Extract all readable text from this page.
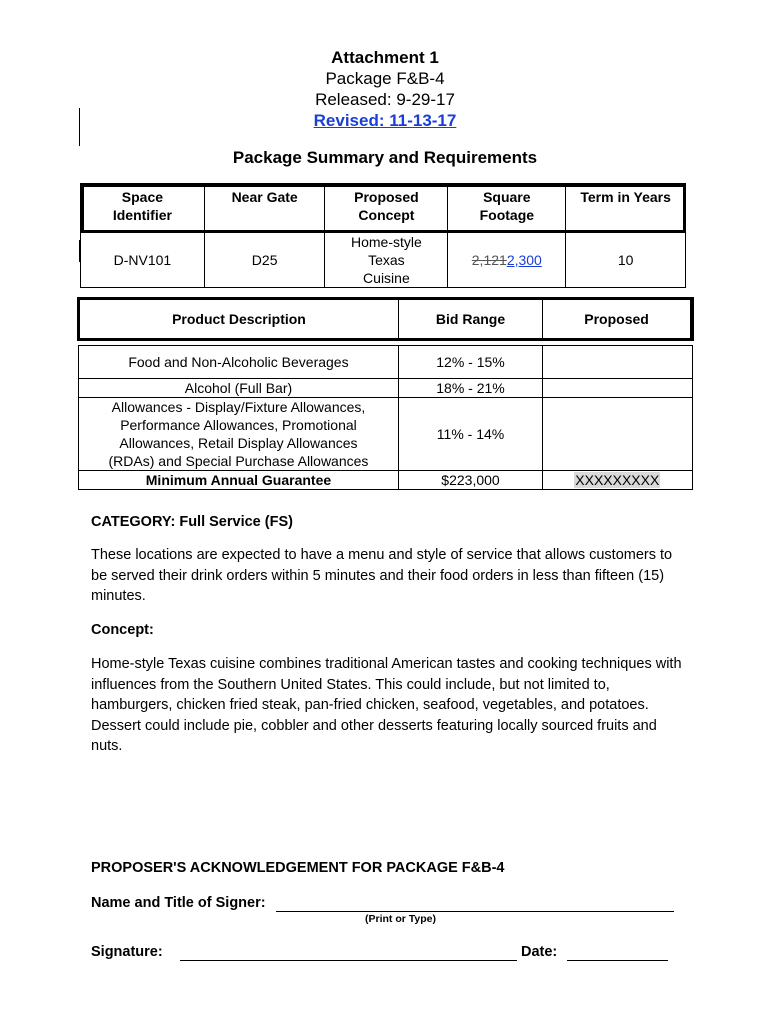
Attachment 1
Package F&B-4
Released: 9-29-17
Revised: 11-13-17
Package Summary and Requirements
Space Identifier	Near Gate	Proposed Concept	Square Footage	Term in Years
D-NV101	D25	Home-style Texas Cuisine	2,1212,300	10
Product Description	Bid Range	Proposed

Food and Non-Alcoholic Beverages	12% - 15%	
Alcohol (Full Bar)	18% - 21%	
Allowances - Display/Fixture Allowances, Performance Allowances, Promotional Allowances, Retail Display Allowances (RDAs) and Special Purchase Allowances	11% - 14%	
Minimum Annual Guarantee	$223,000	XXXXXXXXX
CATEGORY: Full Service (FS)
These locations are expected to have a menu and style of service that allows customers to be served their drink orders within 5 minutes and their food orders in less than fifteen (15) minutes.
Concept:
Home-style Texas cuisine combines traditional American tastes and cooking techniques with influences from the Southern United States. This could include, but not limited to, hamburgers, chicken fried steak, pan-fried chicken, seafood, vegetables, and potatoes. Dessert could include pie, cobbler and other desserts featuring locally sourced fruits and nuts.
PROPOSER'S ACKNOWLEDGEMENT FOR PACKAGE F&B-4
Name and Title of Signer:
(Print or Type)
Signature:	Date:
